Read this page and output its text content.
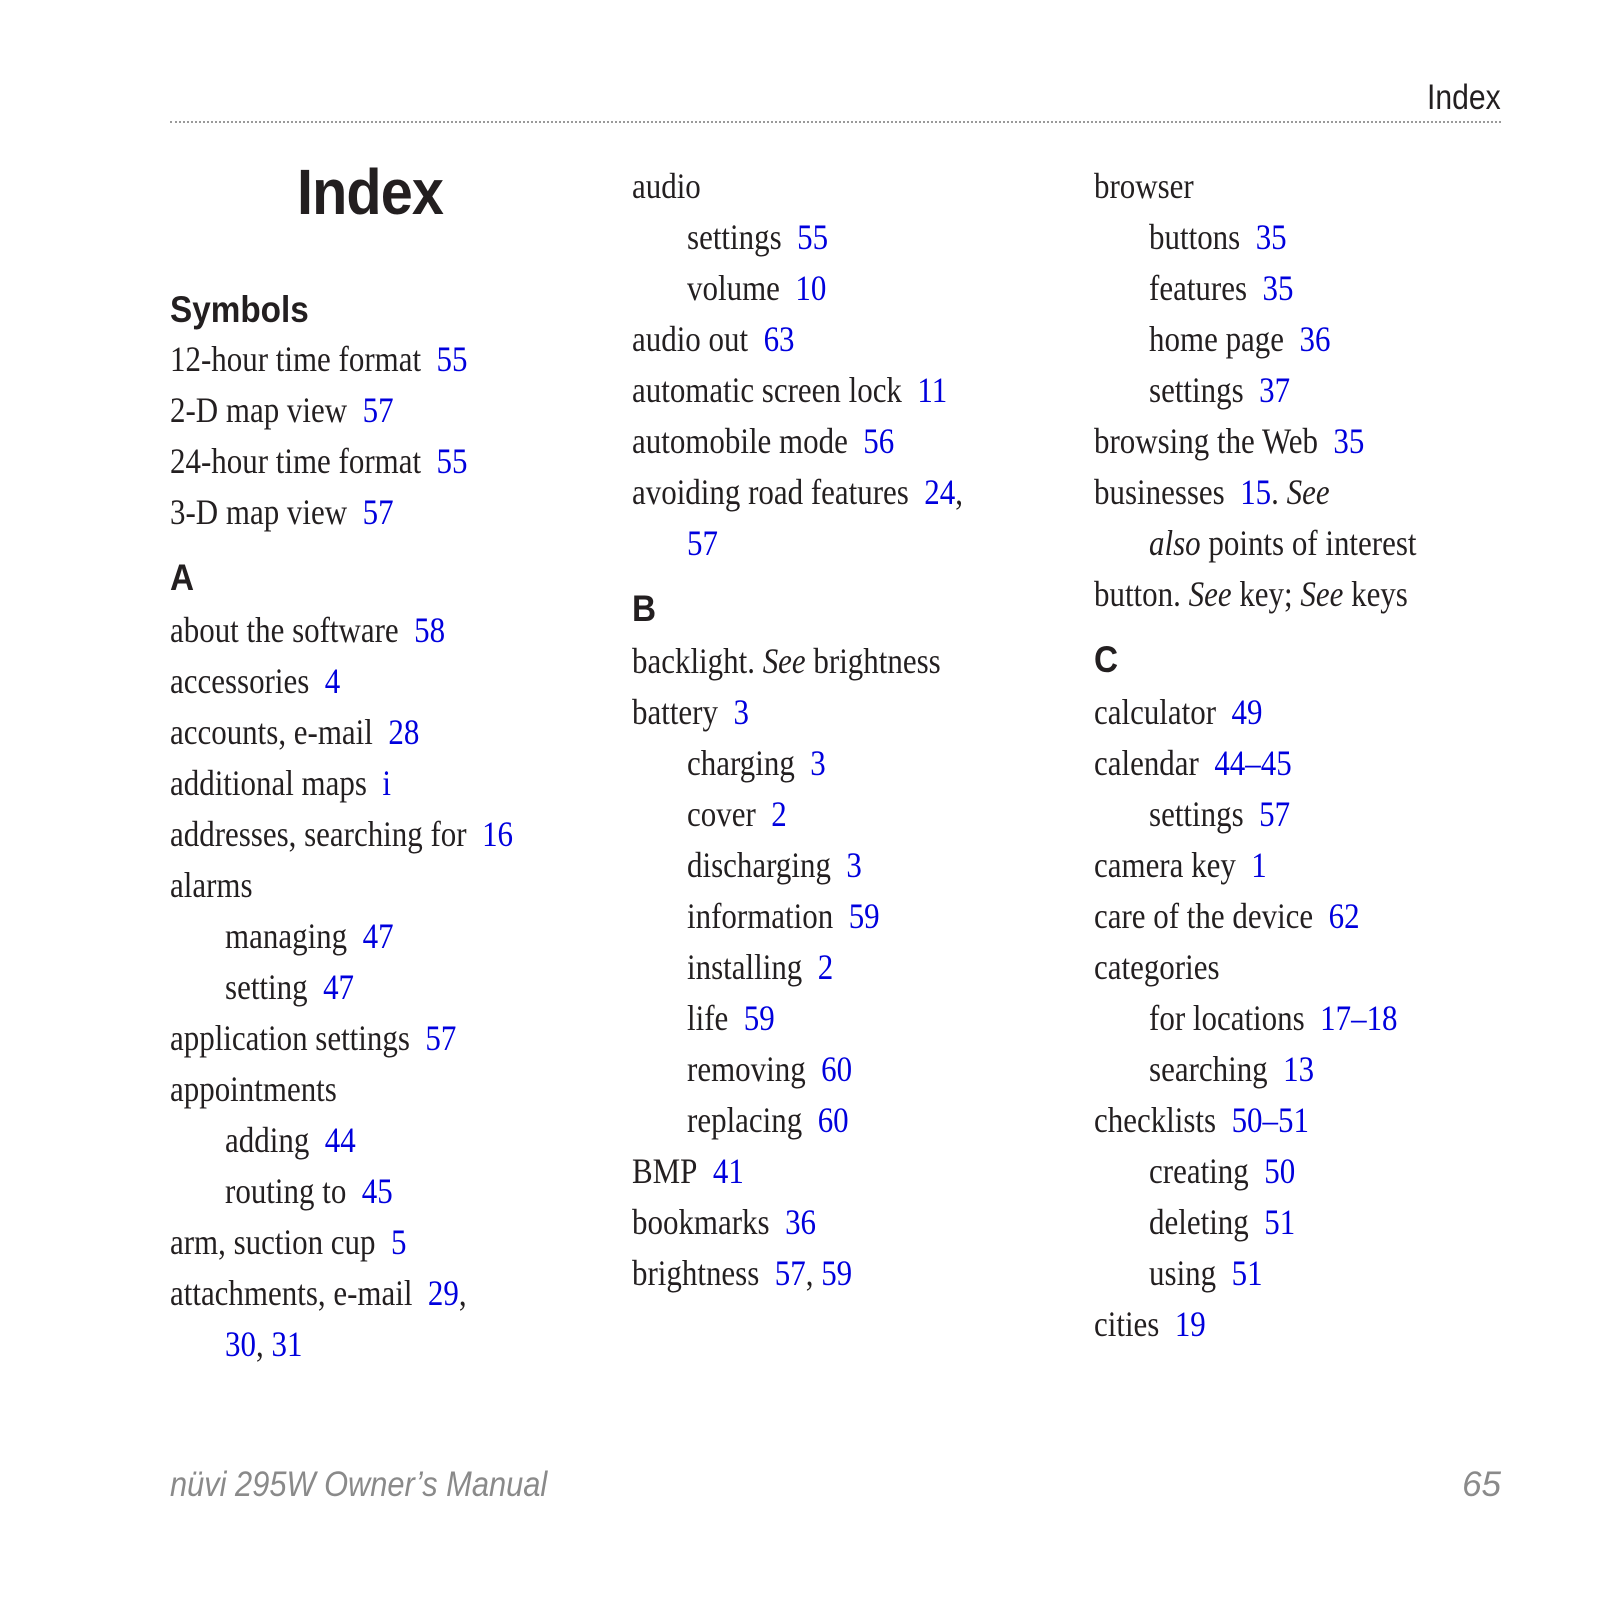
Index
Index
Symbols
12-hour time format 55
2-D map view 57
24-hour time format 55
3-D map view 57
A
about the software 58
accessories 4
accounts, e-mail 28
additional maps i
addresses, searching for 16
alarms
managing 47
setting 47
application settings 57
appointments
adding 44
routing to 45
arm, suction cup 5
attachments, e-mail 29,
30, 31
audio
settings 55
volume 10
audio out 63
automatic screen lock 11
automobile mode 56
avoiding road features 24,
57
B
backlight. See brightness
battery 3
charging 3
cover 2
discharging 3
information 59
installing 2
life 59
removing 60
replacing 60
BMP 41
bookmarks 36
brightness 57, 59
browser
buttons 35
features 35
home page 36
settings 37
browsing the Web 35
businesses 15. See
also points of interest
button. See key; See keys
C
calculator 49
calendar 44–45
settings 57
camera key 1
care of the device 62
categories
for locations 17–18
searching 13
checklists 50–51
creating 50
deleting 51
using 51
cities 19
nüvi 295W Owner’s Manual	65
